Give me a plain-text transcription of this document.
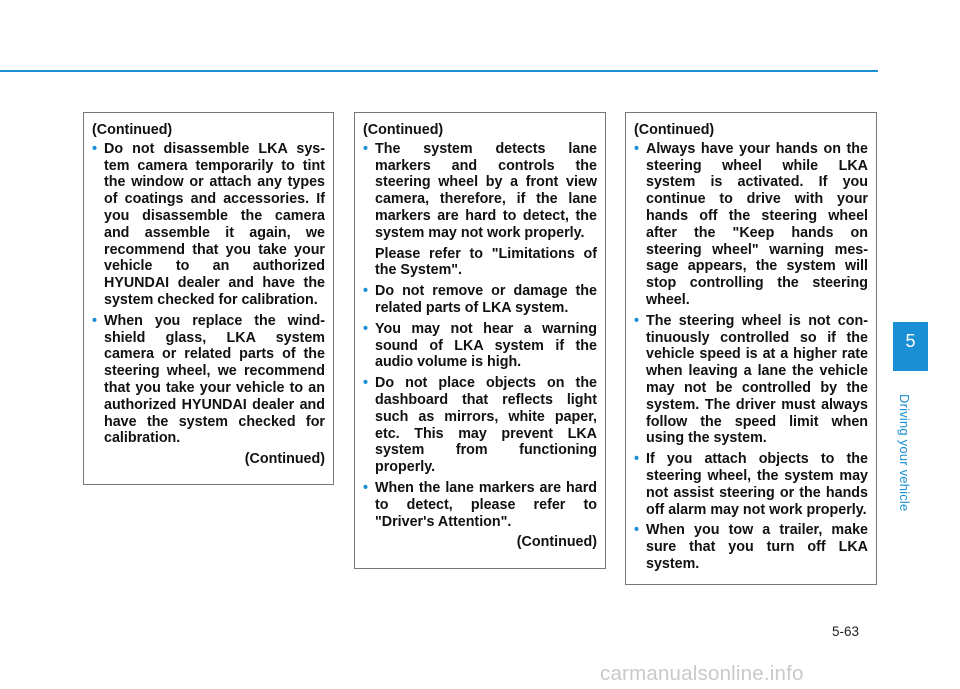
(Continued)
• Do not disassemble LKA system camera temporarily to tint the window or attach any types of coatings and accessories. If you disassemble the camera and assemble it again, we recommend that you take your vehicle to an authorized HYUNDAI dealer and have the system checked for calibration.

• When you replace the windshield glass, LKA system camera or related parts of the steering wheel, we recommend that you take your vehicle to an authorized HYUNDAI dealer and have the system checked for calibration.

(Continued)
(Continued)
• The system detects lane markers and controls the steering wheel by a front view camera, therefore, if the lane markers are hard to detect, the system may not work properly.

Please refer to "Limitations of the System".

• Do not remove or damage the related parts of LKA system.

• You may not hear a warning sound of LKA system if the audio volume is high.

• Do not place objects on the dashboard that reflects light such as mirrors, white paper, etc. This may prevent LKA system from functioning properly.

• When the lane markers are hard to detect, please refer to "Driver's Attention".

(Continued)
(Continued)
• Always have your hands on the steering wheel while LKA system is activated. If you continue to drive with your hands off the steering wheel after the "Keep hands on steering wheel" warning message appears, the system will stop controlling the steering wheel.

• The steering wheel is not continuously controlled so if the vehicle speed is at a higher rate when leaving a lane the vehicle may not be controlled by the system. The driver must always follow the speed limit when using the system.

• If you attach objects to the steering wheel, the system may not assist steering or the hands off alarm may not work properly.

• When you tow a trailer, make sure that you turn off LKA system.

5
Driving your vehicle
5-63
carmanualsonline.info
